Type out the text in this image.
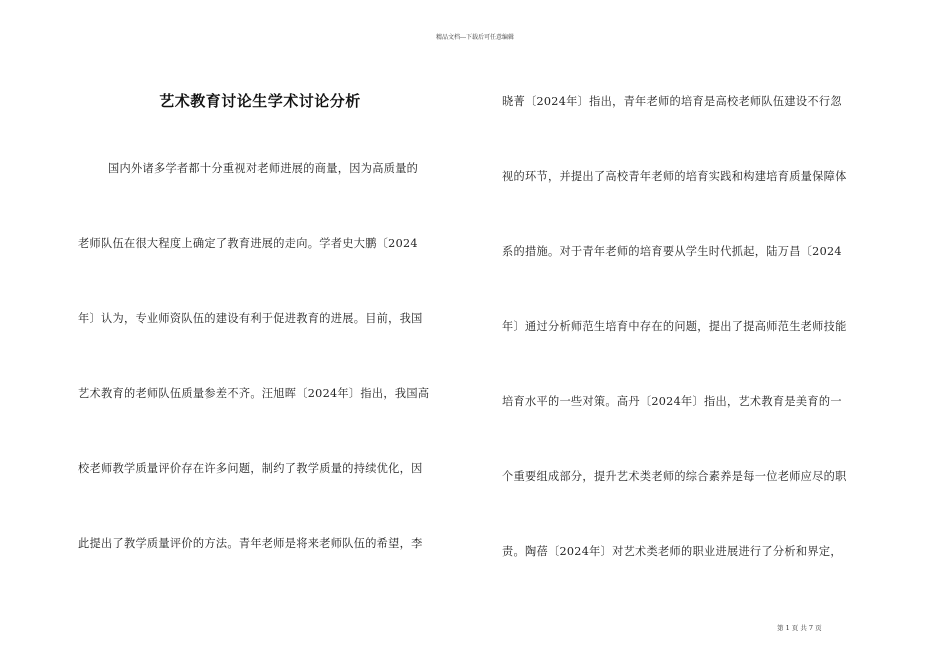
精品文档---下载后可任意编辑
艺术教育讨论生学术讨论分析
国内外诸多学者都十分重视对老师进展的商量，因为高质量的
老师队伍在很大程度上确定了教育进展的走向。学者史大鹏〔2024
年〕认为，专业师资队伍的建设有利于促进教育的进展。目前，我国
艺术教育的老师队伍质量参差不齐。汪旭晖〔2024年〕指出，我国高
校老师教学质量评价存在许多问题，制约了教学质量的持续优化，因
此提出了教学质量评价的方法。青年老师是将来老师队伍的希望，李
晓菁〔2024年〕指出，青年老师的培育是高校老师队伍建设不行忽
视的环节，并提出了高校青年老师的培育实践和构建培育质量保障体
系的措施。对于青年老师的培育要从学生时代抓起，陆万昌〔2024
年〕通过分析师范生培育中存在的问题，提出了提高师范生老师技能
培育水平的一些对策。高丹〔2024年〕指出，艺术教育是美育的一
个重要组成部分，提升艺术类老师的综合素养是每一位老师应尽的职
责。陶蓓〔2024年〕对艺术类老师的职业进展进行了分析和界定，
第 1 页 共 7 页
